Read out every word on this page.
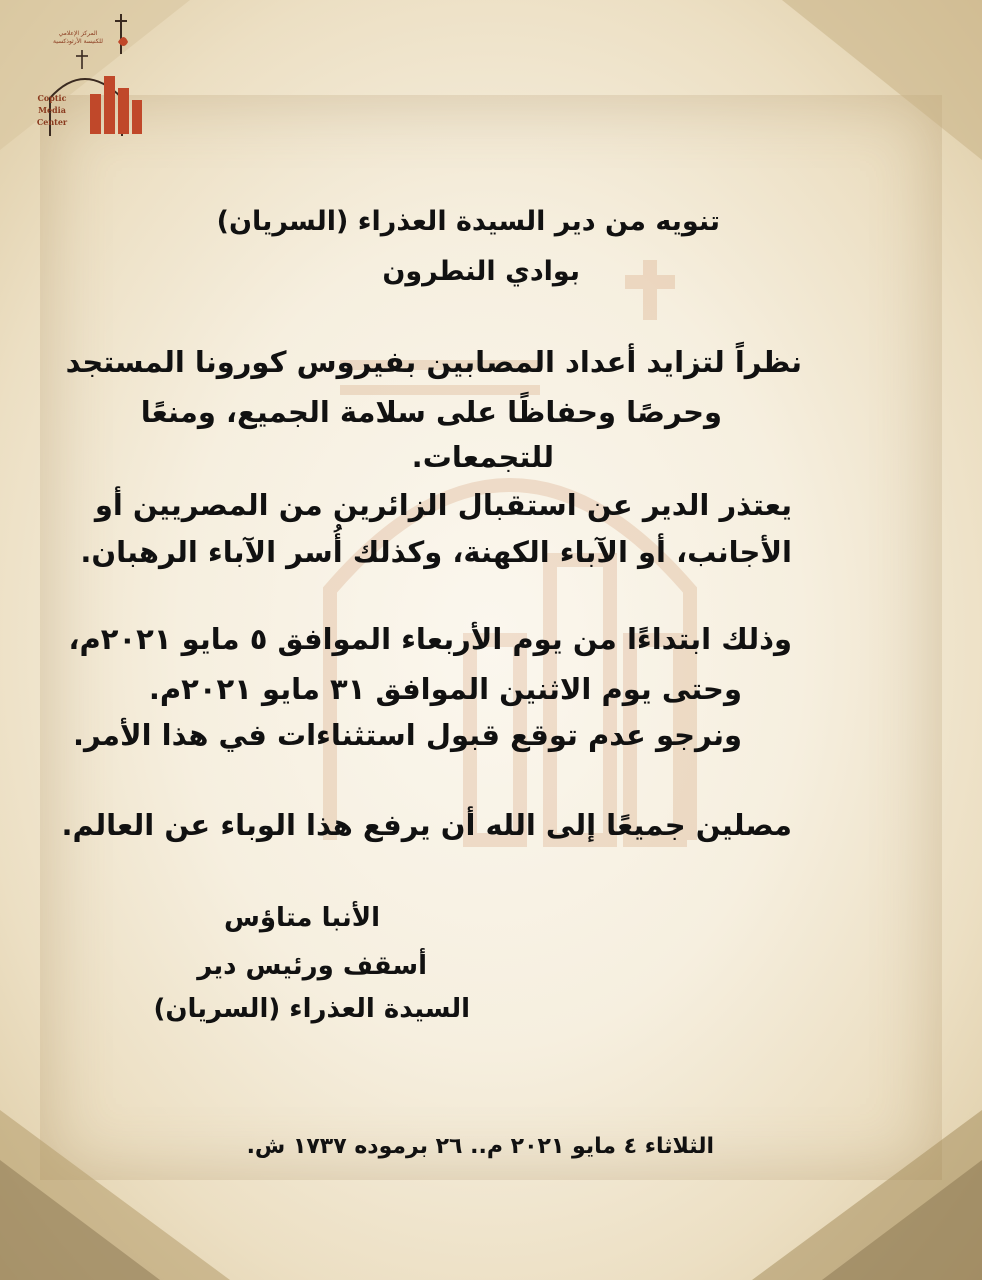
المركز الإعلامي
للكنيسة الأرثوذكسية
Coptic
Media
Center
تنويه من دير السيدة العذراء (السريان)
بوادي النطرون
نظراً لتزايد أعداد المصابين بفيروس كورونا المستجد
وحرصًا وحفاظًا على سلامة الجميع، ومنعًا
للتجمعات.
يعتذر الدير عن استقبال الزائرين من المصريين أو
الأجانب، أو الآباء الكهنة، وكذلك أُسر الآباء الرهبان.
وذلك ابتداءًا من يوم الأربعاء الموافق ٥ مايو ٢٠٢١م،
وحتى يوم الاثنين الموافق ٣١ مايو ٢٠٢١م.
ونرجو عدم توقع قبول استثناءات في هذا الأمر.
مصلين جميعًا إلى الله أن يرفع هذا الوباء عن العالم.
الأنبا متاؤس
أسقف ورئيس دير
السيدة العذراء (السريان)
الثلاثاء ٤ مايو ٢٠٢١ م.. ٢٦ برموده ١٧٣٧ ش.
